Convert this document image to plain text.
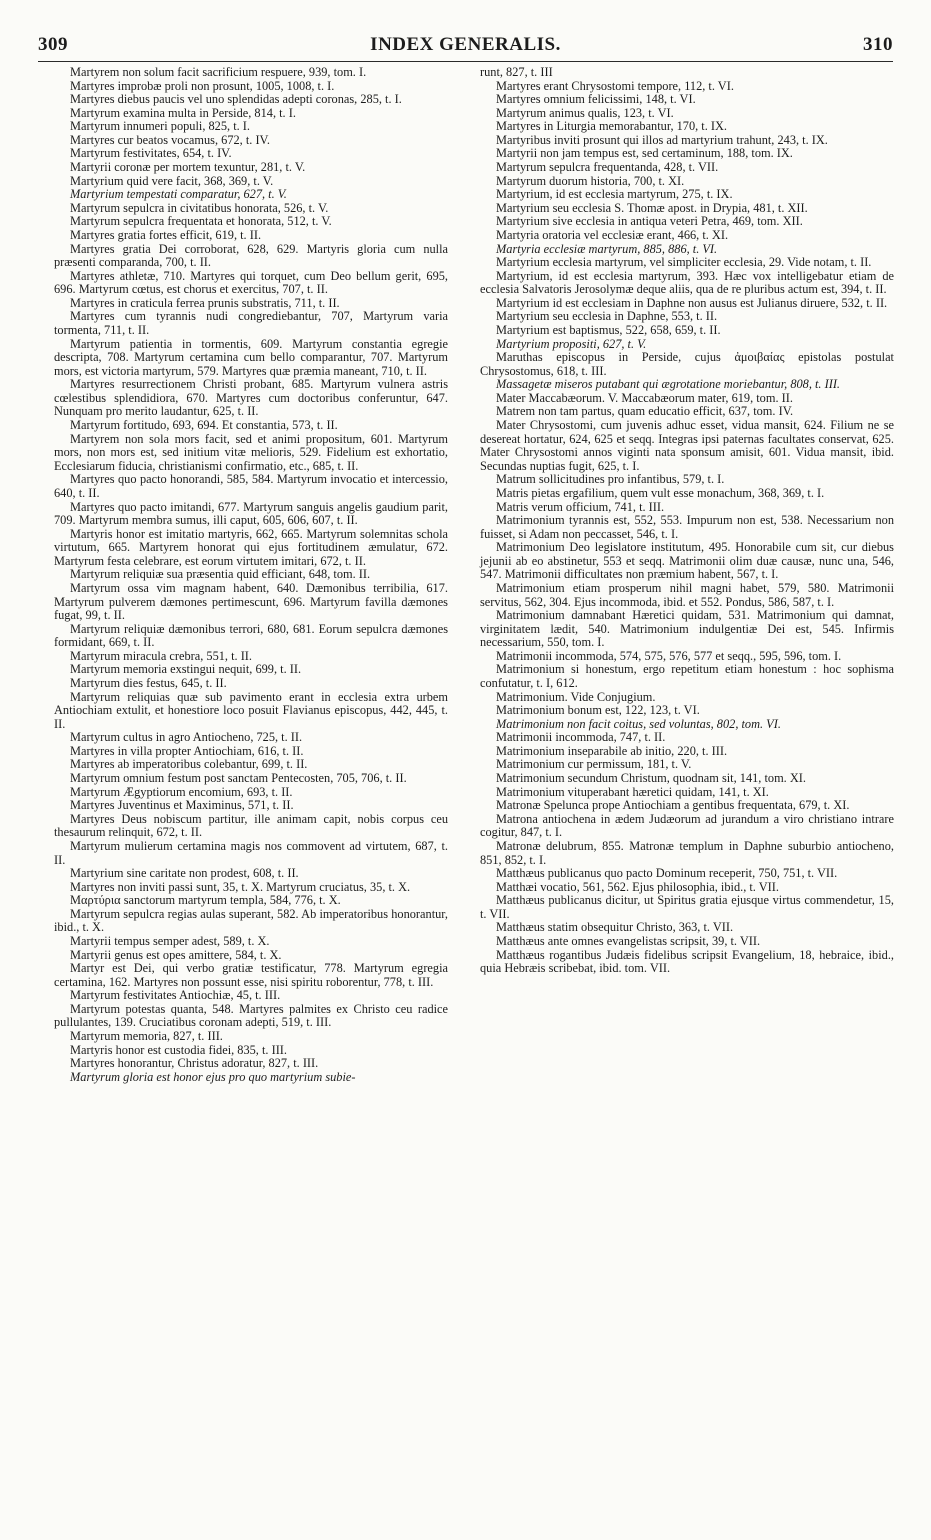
309	INDEX GENERALIS.	310

Martyrem non solum facit sacrificium respuere, 939, tom. I.

Martyres improbæ proli non prosunt, 1005, 1008, t. I.

Martyres diebus paucis vel uno splendidas adepti coronas, 285, t. I.

Martyrum examina multa in Perside, 814, t. I.

Martyrum innumeri populi, 825, t. I.

Martyres cur beatos vocamus, 672, t. IV.

Martyrum festivitates, 654, t. IV.

Martyrii coronæ per mortem texuntur, 281, t. V.

Martyrium quid vere facit, 368, 369, t. V.

Martyrium tempestati comparatur, 627, t. V.

Martyrum sepulcra in civitatibus honorata, 526, t. V.

Martyrum sepulcra frequentata et honorata, 512, t. V.

Martyres gratia fortes efficit, 619, t. II.

Martyres gratia Dei corroborat, 628, 629. Martyris gloria cum nulla præsenti comparanda, 700, t. II.

Martyres athletæ, 710. Martyres qui torquet, cum Deo bellum gerit, 695, 696. Martyrum cœtus, est chorus et exercitus, 707, t. II.

Martyres in craticula ferrea prunis substratis, 711, t. II.

Martyres cum tyrannis nudi congrediebantur, 707, Martyrum varia tormenta, 711, t. II.

Martyrum patientia in tormentis, 609. Martyrum constantia egregie descripta, 708. Martyrum certamina cum bello comparantur, 707. Martyrum mors, est victoria martyrum, 579. Martyres quæ præmia maneant, 710, t. II.

Martyres resurrectionem Christi probant, 685. Martyrum vulnera astris cœlestibus splendidiora, 670. Martyres cum doctoribus conferuntur, 647. Nunquam pro merito laudantur, 625, t. II.

Martyrum fortitudo, 693, 694. Et constantia, 573, t. II.

Martyrem non sola mors facit, sed et animi propositum, 601. Martyrum mors, non mors est, sed initium vitæ melioris, 529. Fidelium est exhortatio, Ecclesiarum fiducia, christianismi confirmatio, etc., 685, t. II.

Martyres quo pacto honorandi, 585, 584. Martyrum invocatio et intercessio, 640, t. II.

Martyres quo pacto imitandi, 677. Martyrum sanguis angelis gaudium parit, 709. Martyrum membra sumus, illi caput, 605, 606, 607, t. II.

Martyris honor est imitatio martyris, 662, 665. Martyrum solemnitas schola virtutum, 665. Martyrem honorat qui ejus fortitudinem æmulatur, 672. Martyrum festa celebrare, est eorum virtutem imitari, 672, t. II.

Martyrum reliquiæ sua præsentia quid efficiant, 648, tom. II.

Martyrum ossa vim magnam habent, 640. Dæmonibus terribilia, 617. Martyrum pulverem dæmones pertimescunt, 696. Martyrum favilla dæmones fugat, 99, t. II.

Martyrum reliquiæ dæmonibus terrori, 680, 681. Eorum sepulcra dæmones formidant, 669, t. II.

Martyrum miracula crebra, 551, t. II.

Martyrum memoria exstingui nequit, 699, t. II.

Martyrum dies festus, 645, t. II.

Martyrum reliquias quæ sub pavimento erant in ecclesia extra urbem Antiochiam extulit, et honestiore loco posuit Flavianus episcopus, 442, 445, t. II.

Martyrum cultus in agro Antiocheno, 725, t. II.

Martyres in villa propter Antiochiam, 616, t. II.

Martyres ab imperatoribus colebantur, 699, t. II.

Martyrum omnium festum post sanctam Pentecosten, 705, 706, t. II.

Martyrum Ægyptiorum encomium, 693, t. II.

Martyres Juventinus et Maximinus, 571, t. II.

Martyres Deus nobiscum partitur, ille animam capit, nobis corpus ceu thesaurum relinquit, 672, t. II.

Martyrum mulierum certamina magis nos commovent ad virtutem, 687, t. II.

Martyrium sine caritate non prodest, 608, t. II.

Martyres non inviti passi sunt, 35, t. X. Martyrum cruciatus, 35, t. X.

Μαρτύρια sanctorum martyrum templa, 584, 776, t. X.

Martyrum sepulcra regias aulas superant, 582. Ab imperatoribus honorantur, ibid., t. X.

Martyrii tempus semper adest, 589, t. X.

Martyrii genus est opes amittere, 584, t. X.

Martyr est Dei, qui verbo gratiæ testificatur, 778. Martyrum egregia certamina, 162. Martyres non possunt esse, nisi spiritu roborentur, 778, t. III.

Martyrum festivitates Antiochiæ, 45, t. III.

Martyrum potestas quanta, 548. Martyres palmites ex Christo ceu radice pullulantes, 139. Cruciatibus coronam adepti, 519, t. III.

Martyrum memoria, 827, t. III.

Martyris honor est custodia fidei, 835, t. III.

Martyres honorantur, Christus adoratur, 827, t. III.

Martyrum gloria est honor ejus pro quo martyrium subie-

runt, 827, t. III

Martyres erant Chrysostomi tempore, 112, t. VI.

Martyres omnium felicissimi, 148, t. VI.

Martyrum animus qualis, 123, t. VI.

Martyres in Liturgia memorabantur, 170, t. IX.

Martyribus inviti prosunt qui illos ad martyrium trahunt, 243, t. IX.

Martyrii non jam tempus est, sed certaminum, 188, tom. IX.

Martyrum sepulcra frequentanda, 428, t. VII.

Martyrum duorum historia, 700, t. XI.

Martyrium, id est ecclesia martyrum, 275, t. IX.

Martyrium seu ecclesia S. Thomæ apost. in Drypia, 481, t. XII.

Martyrium sive ecclesia in antiqua veteri Petra, 469, tom. XII.

Martyria oratoria vel ecclesiæ erant, 466, t. XI.

Martyria ecclesiæ martyrum, 885, 886, t. VI.

Martyrium ecclesia martyrum, vel simpliciter ecclesia, 29. Vide notam, t. II.

Martyrium, id est ecclesia martyrum, 393. Hæc vox intelligebatur etiam de ecclesia Salvatoris Jerosolymæ deque aliis, qua de re pluribus actum est, 394, t. II.

Martyrium id est ecclesiam in Daphne non ausus est Julianus diruere, 532, t. II.

Martyrium seu ecclesia in Daphne, 553, t. II.

Martyrium est baptismus, 522, 658, 659, t. II.

Martyrium propositi, 627, t. V.

Maruthas episcopus in Perside, cujus ἀμοιβαίας epistolas postulat Chrysostomus, 618, t. III.

Massagetæ miseros putabant qui ægrotatione moriebantur, 808, t. III.

Mater Maccabæorum. V. Maccabæorum mater, 619, tom. II.

Matrem non tam partus, quam educatio efficit, 637, tom. IV.

Mater Chrysostomi, cum juvenis adhuc esset, vidua mansit, 624. Filium ne se desereat hortatur, 624, 625 et seqq. Integras ipsi paternas facultates conservat, 625. Mater Chrysostomi annos viginti nata sponsum amisit, 601. Vidua mansit, ibid. Secundas nuptias fugit, 625, t. I.

Matrum sollicitudines pro infantibus, 579, t. I.

Matris pietas ergafilium, quem vult esse monachum, 368, 369, t. I.

Matris verum officium, 741, t. III.

Matrimonium tyrannis est, 552, 553. Impurum non est, 538. Necessarium non fuisset, si Adam non peccasset, 546, t. I.

Matrimonium Deo legislatore institutum, 495. Honorabile cum sit, cur diebus jejunii ab eo abstinetur, 553 et seqq. Matrimonii olim duæ causæ, nunc una, 546, 547. Matrimonii difficultates non præmium habent, 567, t. I.

Matrimonium etiam prosperum nihil magni habet, 579, 580. Matrimonii servitus, 562, 304. Ejus incommoda, ibid. et 552. Pondus, 586, 587, t. I.

Matrimonium damnabant Hæretici quidam, 531. Matrimonium qui damnat, virginitatem lædit, 540. Matrimonium indulgentiæ Dei est, 545. Infirmis necessarium, 550, tom. I.

Matrimonii incommoda, 574, 575, 576, 577 et seqq., 595, 596, tom. I.

Matrimonium si honestum, ergo repetitum etiam honestum : hoc sophisma confutatur, t. I, 612.

Matrimonium. Vide Conjugium.

Matrimonium bonum est, 122, 123, t. VI.

Matrimonium non facit coitus, sed voluntas, 802, tom. VI.

Matrimonii incommoda, 747, t. II.

Matrimonium inseparabile ab initio, 220, t. III.

Matrimonium cur permissum, 181, t. V.

Matrimonium secundum Christum, quodnam sit, 141, tom. XI.

Matrimonium vituperabant hæretici quidam, 141, t. XI.

Matronæ Spelunca prope Antiochiam a gentibus frequentata, 679, t. XI.

Matrona antiochena in ædem Judæorum ad jurandum a viro christiano intrare cogitur, 847, t. I.

Matronæ delubrum, 855. Matronæ templum in Daphne suburbio antiocheno, 851, 852, t. I.

Matthæus publicanus quo pacto Dominum receperit, 750, 751, t. VII.

Matthæi vocatio, 561, 562. Ejus philosophia, ibid., t. VII.

Matthæus publicanus dicitur, ut Spiritus gratia ejusque virtus commendetur, 15, t. VII.

Matthæus statim obsequitur Christo, 363, t. VII.

Matthæus ante omnes evangelistas scripsit, 39, t. VII.

Matthæus rogantibus Judæis fidelibus scripsit Evangelium, 18, hebraice, ibid., quia Hebræis scribebat, ibid. tom. VII.
